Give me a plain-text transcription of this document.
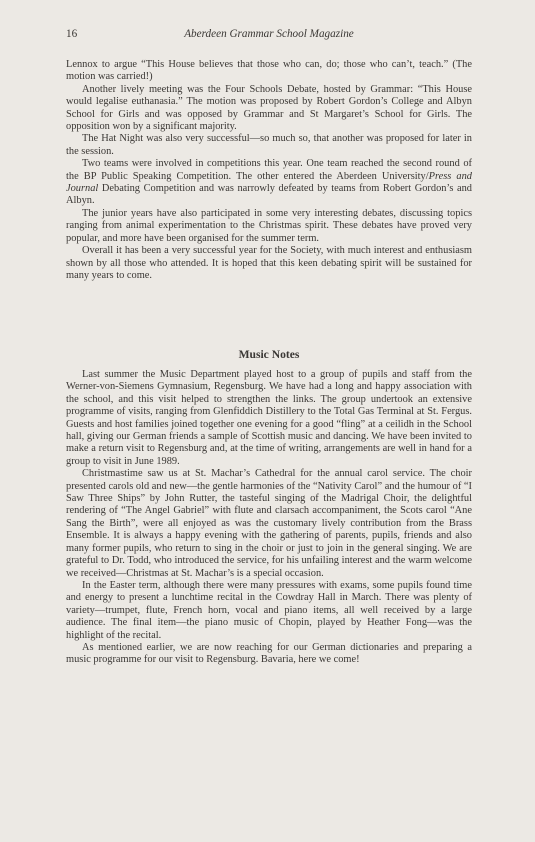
16	Aberdeen Grammar School Magazine

Lennox to argue “This House believes that those who can, do; those who can’t, teach.” (The motion was carried!)

Another lively meeting was the Four Schools Debate, hosted by Grammar: “This House would legalise euthanasia.” The motion was proposed by Robert Gordon’s College and Albyn School for Girls and was opposed by Grammar and St Margaret’s School for Girls. The opposition won by a significant majority.

The Hat Night was also very successful—so much so, that another was proposed for later in the session.

Two teams were involved in competitions this year. One team reached the second round of the BP Public Speaking Competition. The other entered the Aberdeen University/Press and Journal Debating Competition and was narrowly defeated by teams from Robert Gordon’s and Albyn.

The junior years have also participated in some very interesting debates, discussing topics ranging from animal experimentation to the Christmas spirit. These debates have proved very popular, and more have been organised for the summer term.

Overall it has been a very successful year for the Society, with much interest and enthusiasm shown by all those who attended. It is hoped that this keen debating spirit will be sustained for many years to come.

Music Notes

Last summer the Music Department played host to a group of pupils and staff from the Werner-von-Siemens Gymnasium, Regensburg. We have had a long and happy association with the school, and this visit helped to strengthen the links. The group undertook an extensive programme of visits, ranging from Glenfiddich Distillery to the Total Gas Terminal at St. Fergus. Guests and host families joined together one evening for a good “fling” at a ceilidh in the School hall, giving our German friends a sample of Scottish music and dancing. We have been invited to make a return visit to Regensburg and, at the time of writing, arrangements are well in hand for a group to visit in June 1989.

Christmastime saw us at St. Machar’s Cathedral for the annual carol service. The choir presented carols old and new—the gentle harmonies of the “Nativity Carol” and the humour of “I Saw Three Ships” by John Rutter, the tasteful singing of the Madrigal Choir, the delightful rendering of “The Angel Gabriel” with flute and clarsach accompaniment, the Scots carol “Ane Sang the Birth”, were all enjoyed as was the customary lively contribution from the Brass Ensemble. It is always a happy evening with the gathering of parents, pupils, friends and also many former pupils, who return to sing in the choir or just to join in the general singing. We are grateful to Dr. Todd, who introduced the service, for his unfailing interest and the warm welcome we received—Christmas at St. Machar’s is a special occasion.

In the Easter term, although there were many pressures with exams, some pupils found time and energy to present a lunchtime recital in the Cowdray Hall in March. There was plenty of variety—trumpet, flute, French horn, vocal and piano items, all well received by a large audience. The final item—the piano music of Chopin, played by Heather Fong—was the highlight of the recital.

As mentioned earlier, we are now reaching for our German dictionaries and preparing a music programme for our visit to Regensburg. Bavaria, here we come!
